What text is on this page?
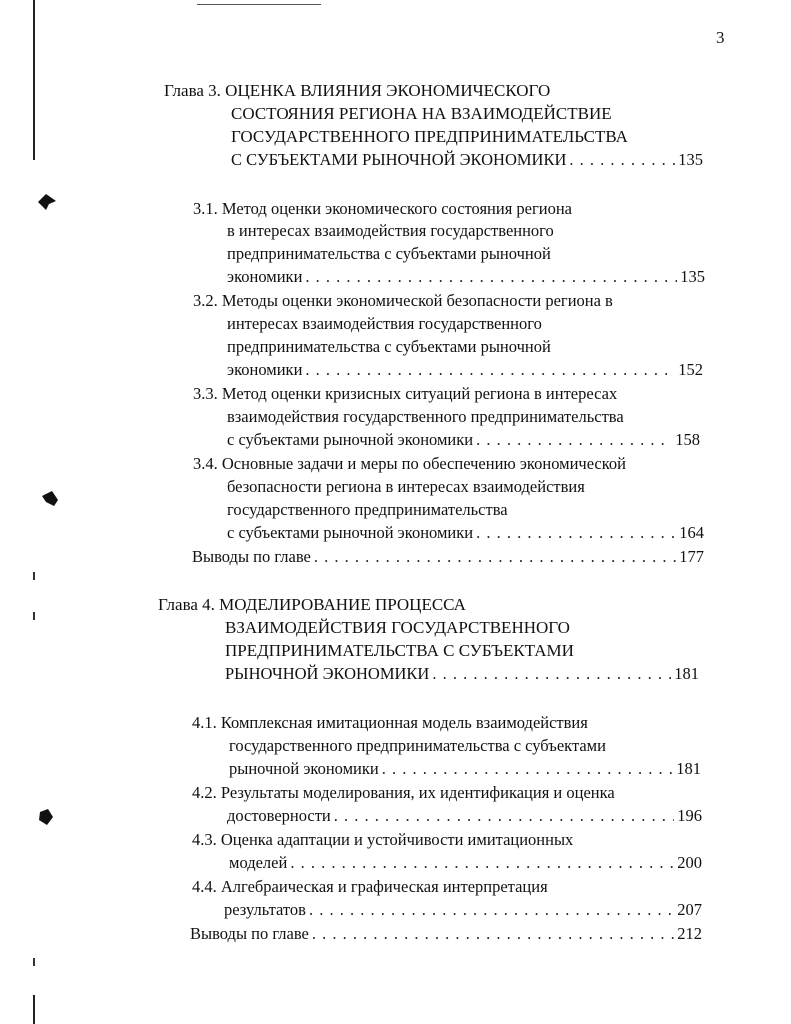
3
Глава 3. ОЦЕНКА ВЛИЯНИЯ ЭКОНОМИЧЕСКОГО
СОСТОЯНИЯ РЕГИОНА НА ВЗАИМОДЕЙСТВИЕ
ГОСУДАРСТВЕННОГО ПРЕДПРИНИМАТЕЛЬСТВА
С СУБЪЕКТАМИ РЫНОЧНОЙ ЭКОНОМИКИ . . .	135
3.1. Метод оценки экономического состояния региона
в интересах взаимодействия государственного
предпринимательства с субъектами рыночной
экономики . . .	135
3.2. Методы оценки экономической безопасности региона в
интересах взаимодействия государственного
предпринимательства с субъектами рыночной
экономики . . .	152
3.3. Метод оценки кризисных ситуаций региона в интересах
взаимодействия государственного предпринимательства
с субъектами рыночной экономики . . .	158
3.4. Основные задачи и меры по обеспечению экономической
безопасности региона в интересах взаимодействия
государственного предпринимательства
с субъектами рыночной экономики . . .	164
Выводы по главе . . .	177
Глава 4. МОДЕЛИРОВАНИЕ ПРОЦЕССА
ВЗАИМОДЕЙСТВИЯ ГОСУДАРСТВЕННОГО
ПРЕДПРИНИМАТЕЛЬСТВА С СУБЪЕКТАМИ
РЫНОЧНОЙ ЭКОНОМИКИ . . .	181
4.1. Комплексная имитационная модель взаимодействия
государственного предпринимательства с субъектами
рыночной экономики . . .	181
4.2. Результаты моделирования, их идентификация и оценка
достоверности . . .	196
4.3. Оценка адаптации и устойчивости имитационных
моделей . . .	200
4.4. Алгебраическая и графическая интерпретация
результатов . . .	207
Выводы по главе . . .	212
